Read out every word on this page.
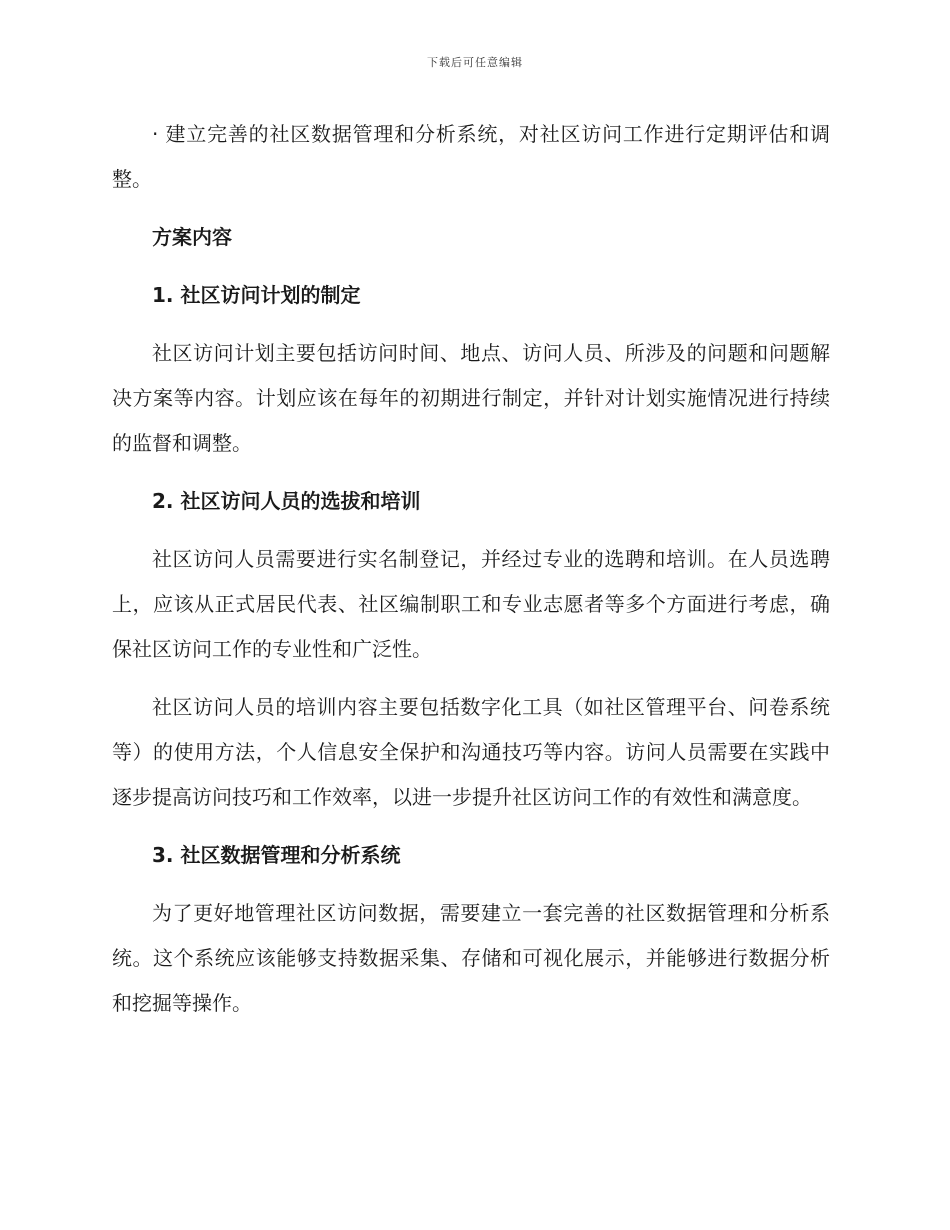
下载后可任意编辑

· 建立完善的社区数据管理和分析系统，对社区访问工作进行定期评估和调整。

方案内容

1. 社区访问计划的制定

社区访问计划主要包括访问时间、地点、访问人员、所涉及的问题和问题解决方案等内容。计划应该在每年的初期进行制定，并针对计划实施情况进行持续的监督和调整。

2. 社区访问人员的选拔和培训

社区访问人员需要进行实名制登记，并经过专业的选聘和培训。在人员选聘上，应该从正式居民代表、社区编制职工和专业志愿者等多个方面进行考虑，确保社区访问工作的专业性和广泛性。

社区访问人员的培训内容主要包括数字化工具（如社区管理平台、问卷系统等）的使用方法，个人信息安全保护和沟通技巧等内容。访问人员需要在实践中逐步提高访问技巧和工作效率，以进一步提升社区访问工作的有效性和满意度。

3. 社区数据管理和分析系统

为了更好地管理社区访问数据，需要建立一套完善的社区数据管理和分析系统。这个系统应该能够支持数据采集、存储和可视化展示，并能够进行数据分析和挖掘等操作。
